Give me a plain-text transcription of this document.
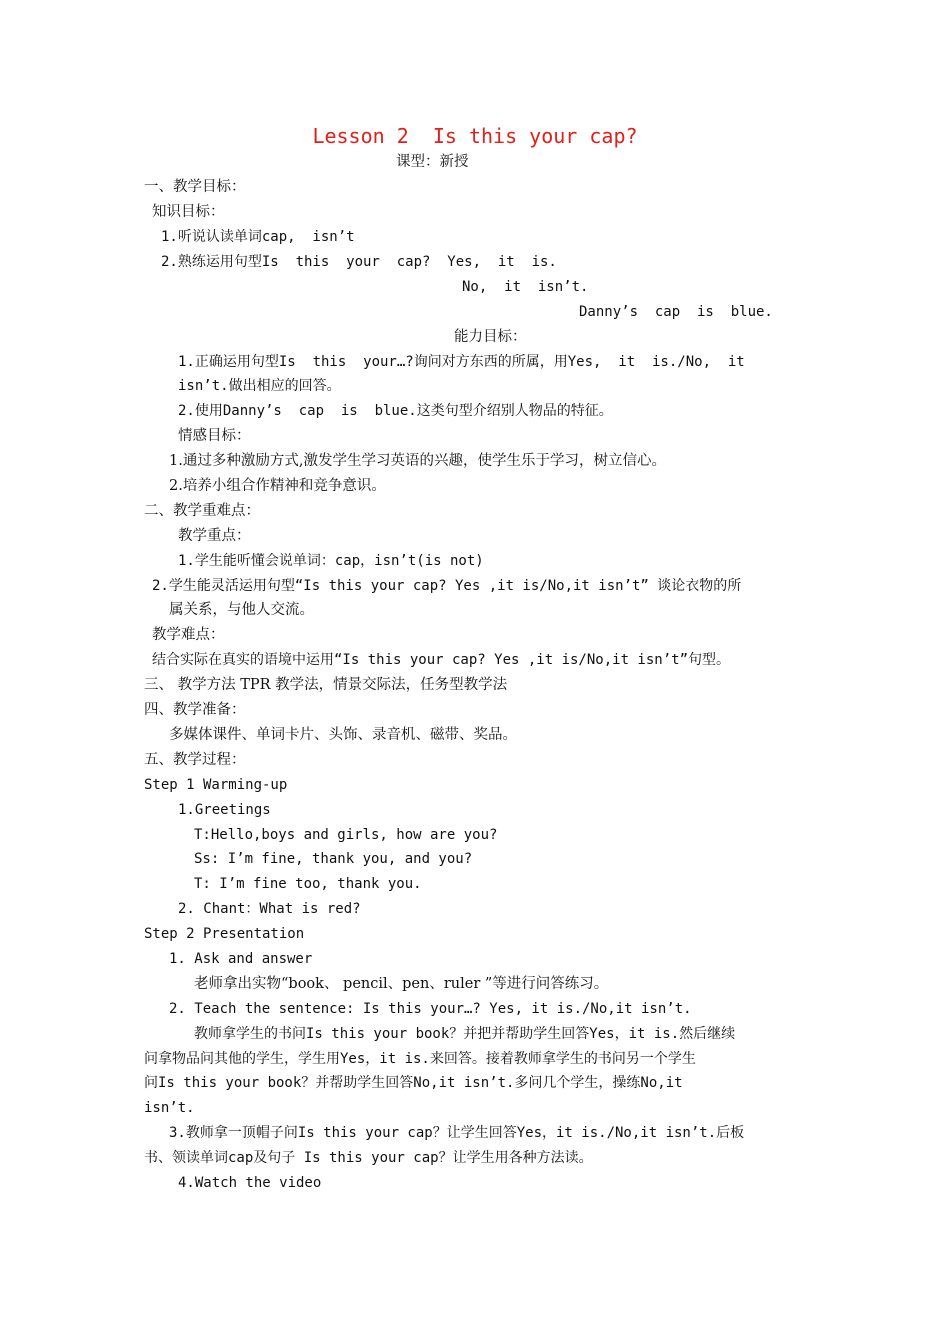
Lesson 2  Is this your cap?
课型：新授
一、教学目标：
知识目标：
1.听说认读单词cap,  isn’t
2.熟练运用句型Is  this  your  cap?  Yes,  it  is.
No,  it  isn’t.
Danny’s  cap  is  blue.
能力目标：
1.正确运用句型Is  this  your…?询问对方东西的所属，用Yes,  it  is./No,  it
isn’t.做出相应的回答。
2.使用Danny’s  cap  is  blue.这类句型介绍别人物品的特征。
情感目标：
1.通过多种激励方式,激发学生学习英语的兴趣，使学生乐于学习，树立信心。
2.培养小组合作精神和竞争意识。
二、教学重难点：
教学重点：
1.学生能听懂会说单词：cap，isn’t(is not)
2.学生能灵活运用句型“Is this your cap? Yes ,it is/No,it isn’t” 谈论衣物的所
属关系，与他人交流。
教学难点：
结合实际在真实的语境中运用“Is this your cap? Yes ,it is/No,it isn’t”句型。
三、 教学方法 TPR 教学法，情景交际法，任务型教学法
四、教学准备：
多媒体课件、单词卡片、头饰、录音机、磁带、奖品。
五、教学过程：
Step 1 Warming-up
1.Greetings
T:Hello,boys and girls, how are you?
Ss: I’m fine, thank you, and you?
T: I’m fine too, thank you.
2. Chant：What is red?
Step 2 Presentation
1. Ask and answer
老师拿出实物“book、 pencil、pen、ruler ”等进行问答练习。
2. Teach the sentence: Is this your…? Yes, it is./No,it isn’t.
教师拿学生的书问Is this your book？并把并帮助学生回答Yes，it is.然后继续
问拿物品问其他的学生，学生用Yes，it is.来回答。接着教师拿学生的书问另一个学生
问Is this your book？并帮助学生回答No,it isn’t.多问几个学生，操练No,it
isn’t.
3.教师拿一顶帽子问Is this your cap？让学生回答Yes，it is./No,it isn’t.后板
书、领读单词cap及句子 Is this your cap？让学生用各种方法读。
4.Watch the video
